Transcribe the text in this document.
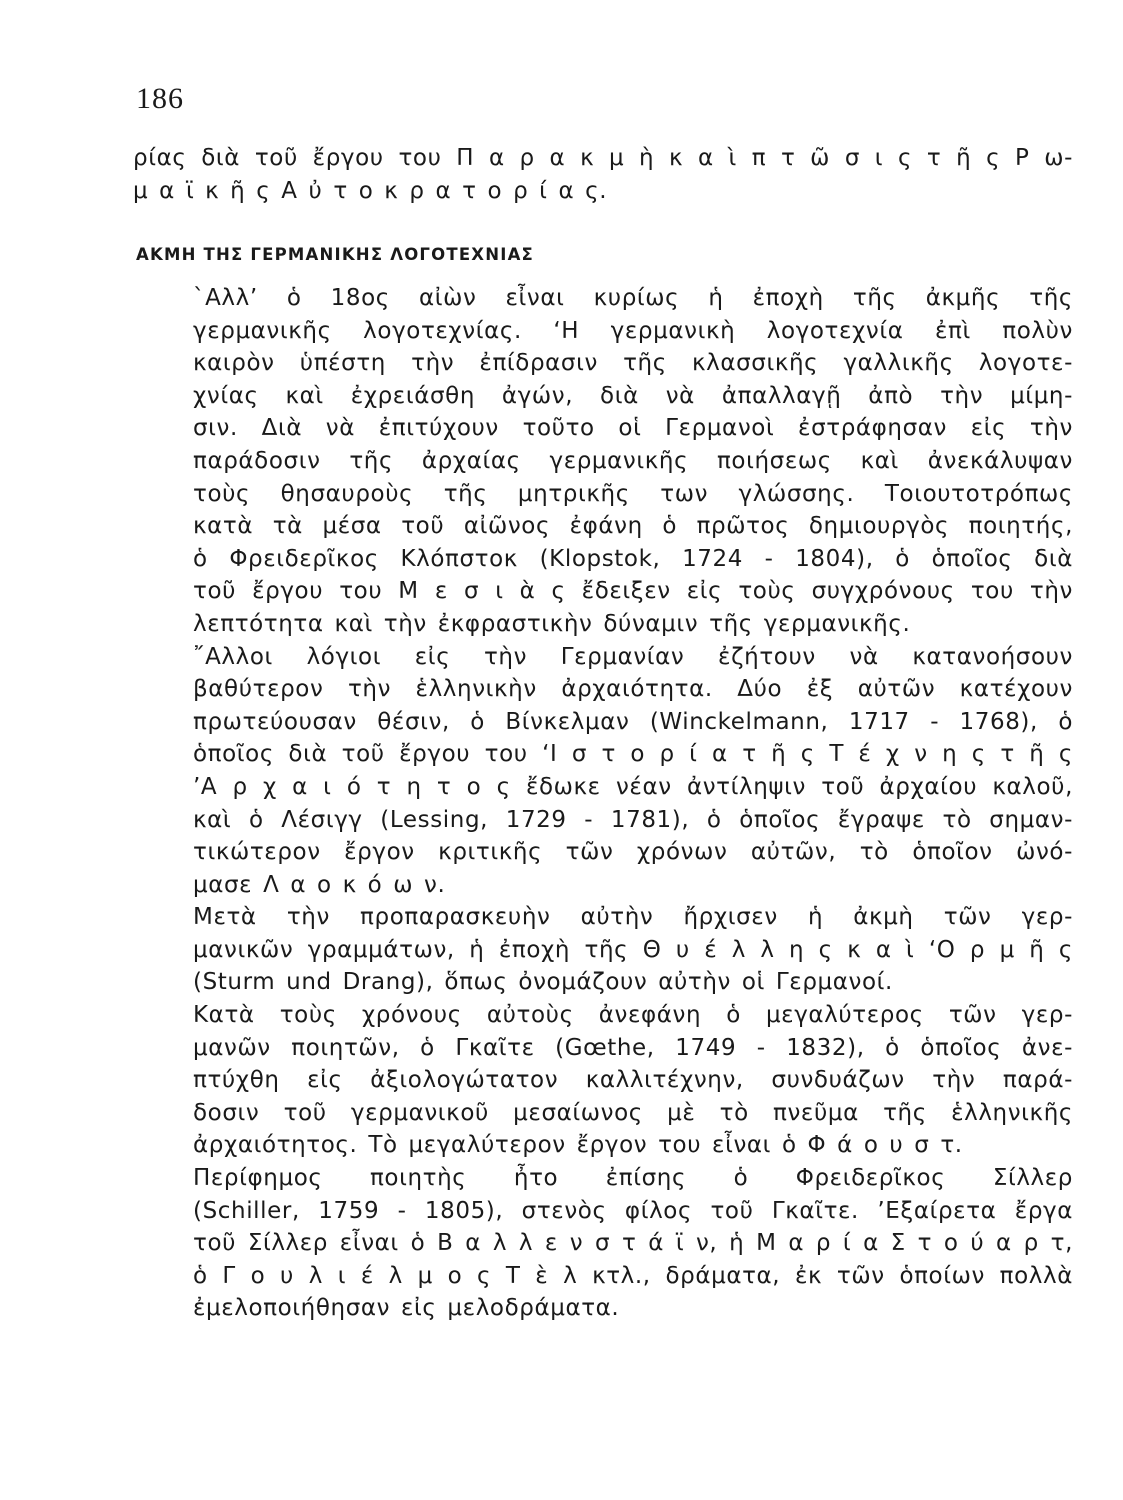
186
ρίας διὰ τοῦ ἔργου του Π α ρ α κ μ ὴ κ α ὶ π τ ῶ σ ι ς τ ῆ ς Ρ ω-
μ α ϊ κ ῆ ς Α ὐ τ ο κ ρ α τ ο ρ ί α ς.
ΑΚΜΗ ΤΗΣ ΓΕΡΜΑΝΙΚΗΣ ΛΟΓΟΤΕΧΝΙΑΣ

`Αλλ’ ὁ 18ος αἰὼν εἶναι κυρίως ἡ ἐποχὴ τῆς ἀκμῆς τῆς
γερμανικῆς λογοτεχνίας. ‘Η γερμανικὴ λογοτεχνία ἐπὶ πολὺν
καιρὸν ὑπέστη τὴν ἐπίδρασιν τῆς κλασσικῆς γαλλικῆς λογοτε-
χνίας καὶ ἐχρειάσθη ἀγών, διὰ νὰ ἀπαλλαγῇ ἀπὸ τὴν μίμη-
σιν. Διὰ νὰ ἐπιτύχουν τοῦτο οἱ Γερμανοὶ ἐστράφησαν εἰς τὴν
παράδοσιν τῆς ἀρχαίας γερμανικῆς ποιήσεως καὶ ἀνεκάλυψαν
τοὺς θησαυροὺς τῆς μητρικῆς των γλώσσης. Τοιουτοτρόπως
κατὰ τὰ μέσα τοῦ αἰῶνος ἐφάνη ὁ πρῶτος δημιουργὸς ποιητής,
ὁ Φρειδερῖκος Κλόπστοκ (Klopstok, 1724 - 1804), ὁ ὁποῖος διὰ
τοῦ ἔργου του Μ ε σ ι ὰ ς ἔδειξεν εἰς τοὺς συγχρόνους του τὴν
λεπτότητα καὶ τὴν ἐκφραστικὴν δύναμιν τῆς γερμανικῆς.

῎Αλλοι λόγιοι εἰς τὴν Γερμανίαν ἐζήτουν νὰ κατανοήσουν
βαθύτερον τὴν ἑλληνικὴν ἀρχαιότητα. Δύο ἐξ αὐτῶν κατέχουν
πρωτεύουσαν θέσιν, ὁ Βίνκελμαν (Winckelmann, 1717 - 1768), ὁ
ὁποῖος διὰ τοῦ ἔργου του ‘Ι σ τ ο ρ ί α τ ῆ ς Τ έ χ ν η ς τ ῆ ς
’Α ρ χ α ι ό τ η τ ο ς ἔδωκε νέαν ἀντίληψιν τοῦ ἀρχαίου καλοῦ,
καὶ ὁ Λέσιγγ (Lessing, 1729 - 1781), ὁ ὁποῖος ἔγραψε τὸ σημαν-
τικώτερον ἔργον κριτικῆς τῶν χρόνων αὐτῶν, τὸ ὁποῖον ὠνό-
μασε Λ α ο κ ό ω ν.

Μετὰ τὴν προπαρασκευὴν αὐτὴν ἤρχισεν ἡ ἀκμὴ τῶν γερ-
μανικῶν γραμμάτων, ἡ ἐποχὴ τῆς Θ υ έ λ λ η ς κ α ὶ ‘Ο ρ μ ῆ ς
(Sturm und Drang), ὅπως ὀνομάζουν αὐτὴν οἱ Γερμανοί.

Κατὰ τοὺς χρόνους αὐτοὺς ἀνεφάνη ὁ μεγαλύτερος τῶν γερ-
μανῶν ποιητῶν, ὁ Γκαῖτε (Gœthe, 1749 - 1832), ὁ ὁποῖος ἀνε-
πτύχθη εἰς ἀξιολογώτατον καλλιτέχνην, συνδυάζων τὴν παρά-
δοσιν τοῦ γερμανικοῦ μεσαίωνος μὲ τὸ πνεῦμα τῆς ἑλληνικῆς
ἀρχαιότητος. Τὸ μεγαλύτερον ἔργον του εἶναι ὁ Φ ά ο υ σ τ.

Περίφημος ποιητὴς ἦτο ἐπίσης ὁ Φρειδερῖκος Σίλλερ
(Schiller, 1759 - 1805), στενὸς φίλος τοῦ Γκαῖτε. ’Εξαίρετα ἔργα
τοῦ Σίλλερ εἶναι ὁ Β α λ λ ε ν σ τ ά ϊ ν, ἡ Μ α ρ ί α Σ τ ο ύ α ρ τ,
ὁ Γ ο υ λ ι έ λ μ ο ς Τ ὲ λ κτλ., δράματα, ἐκ τῶν ὁποίων πολλὰ
ἐμελοποιήθησαν εἰς μελοδράματα.
